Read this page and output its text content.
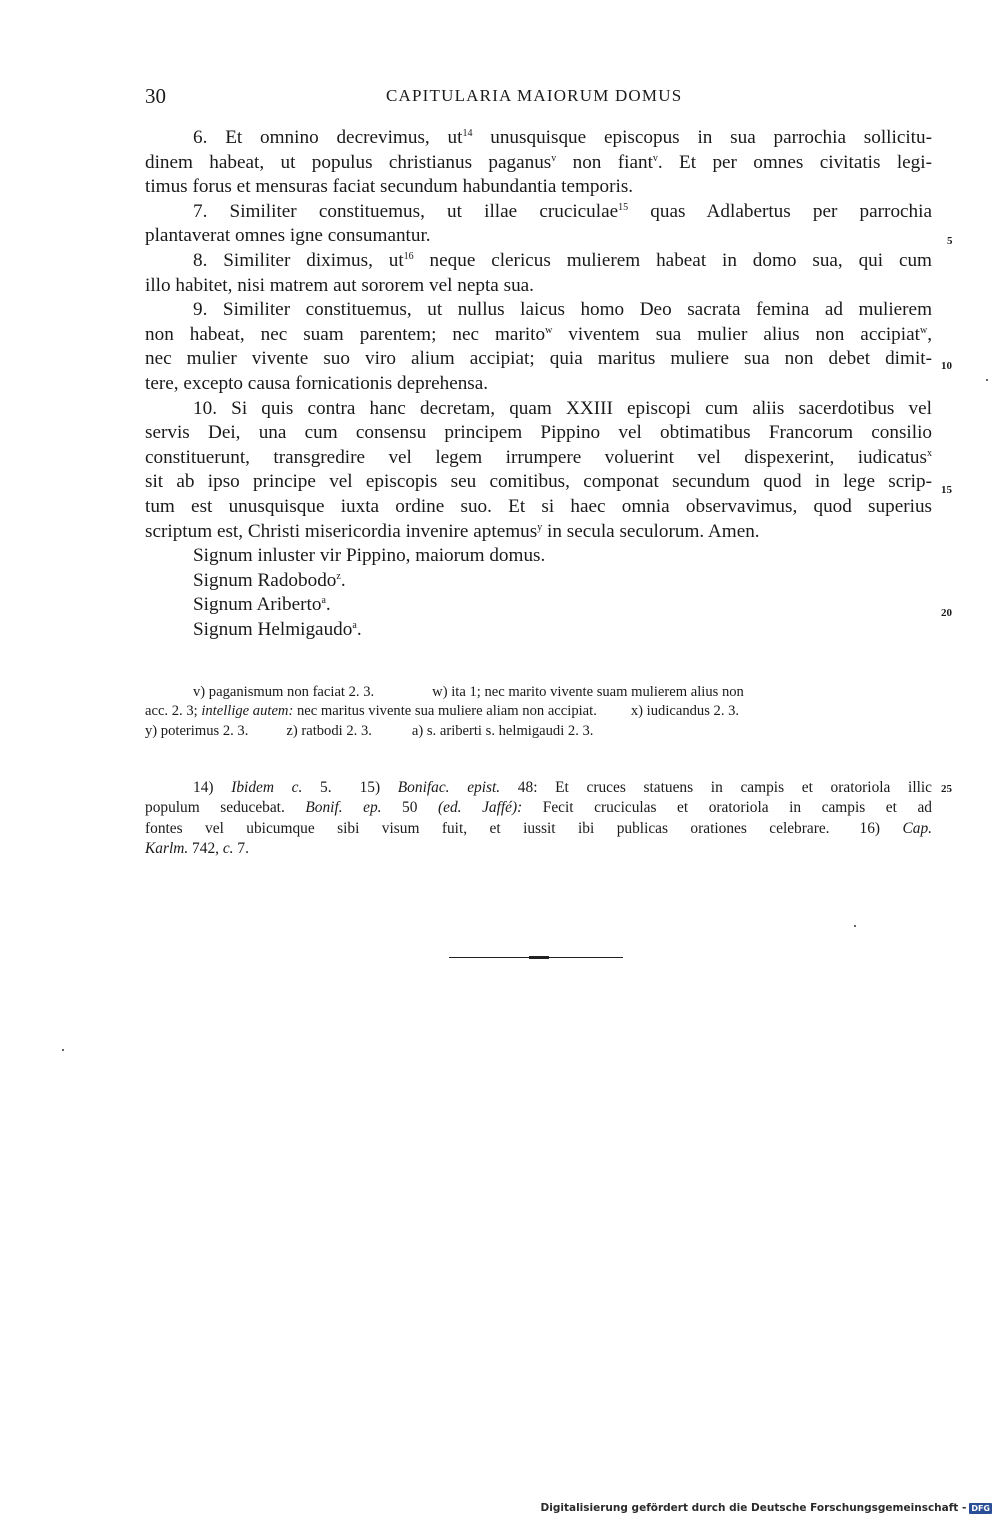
30	CAPITULARIA MAIORUM DOMUS
6. Et omnino decrevimus, $ut^{14}$ unusquisque episcopus in sua parrochia sollicitu-
dinem habeat, ut populus christianus paganus$^v$ non fiant$^v$. Et per omnes civitatis legi-
timus forus et mensuras faciat secundum habundantia temporis.
7. Similiter constituemus, ut illae cruciculae$^{15}$ quas Adlabertus per parrochia
plantaverat omnes igne consumantur.
8. Similiter diximus, $ut^{16}$ neque clericus mulierem habeat in domo sua, qui cum
illo habitet, nisi matrem aut sororem vel nepta sua.
9. Similiter constituemus, ut nullus laicus homo Deo sacrata femina ad mulierem
non habeat, nec suam parentem; nec marito$^w$ viventem sua mulier alius non accipiat$^w$,
nec mulier vivente suo viro alium accipiat; quia maritus muliere sua non debet dimit-
tere, excepto causa fornicationis deprehensa.
10. Si quis contra hanc decretam, quam XXIII episcopi cum aliis sacerdotibus vel
servis Dei, una cum consensu principem Pippino vel obtimatibus Francorum consilio
constituerunt, transgredire vel legem irrumpere voluerint vel dispexerint, iudicatus$^x$
sit ab ipso principe vel episcopis seu comitibus, componat secundum quod in lege scrip-
tum est unusquisque iuxta ordine suo. Et si haec omnia observavimus, quod superius
scriptum est, Christi misericordia invenire aptemus$^y$ in secula seculorum. Amen.
Signum inluster vir Pippino, maiorum domus.
Signum Radobodo$^z$.
Signum Ariberto$^a$.
Signum Helmigaudo$^a$.
5
10
15
20
25
v) paganismum non faciat 2. 3.	w) ita 1; nec marito vivente suam mulierem alius non
acc. 2. 3; intellige autem: nec maritus vivente sua muliere aliam non accipiat. x) iudicandus 2. 3.
y) poterimus 2. 3.	z) ratbodi 2. 3.	a) s. ariberti s. helmigaudi 2. 3.
14) Ibidem c. 5. 15) Bonifac. epist. 48: Et cruces statuens in campis et oratoriola illic
populum seducebat. Bonif. ep. 50 (ed. Jaffé): Fecit cruciculas et oratoriola in campis et ad
fontes vel ubicumque sibi visum fuit, et iussit ibi publicas orationes celebrare. 16) Cap.
Karlm. 742, c. 7.
Digitalisierung gefördert durch die Deutsche Forschungsgemeinschaft - DFG
